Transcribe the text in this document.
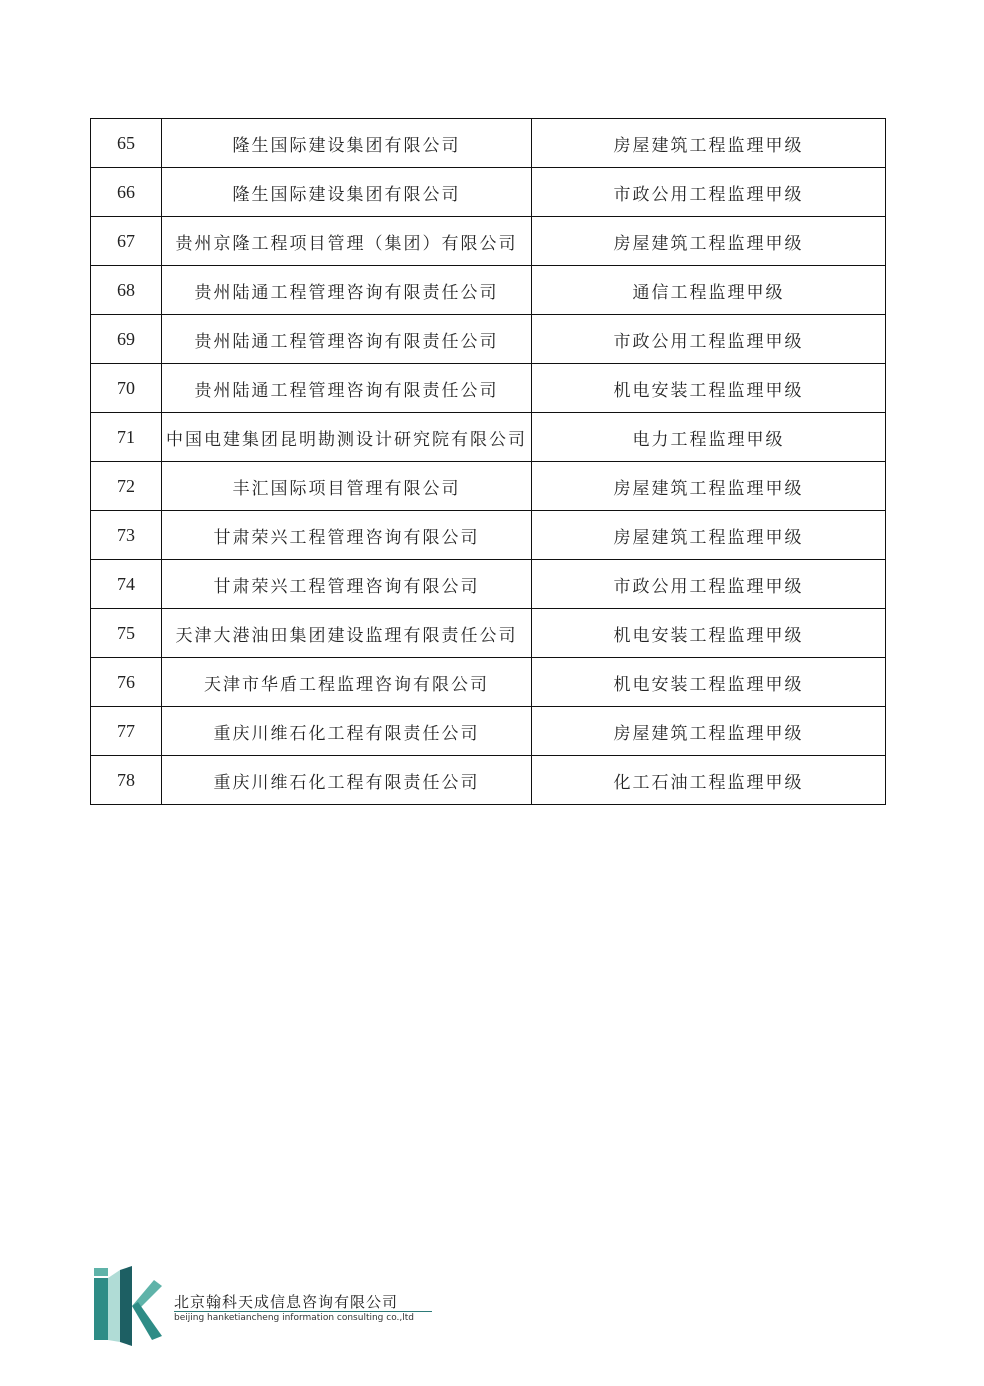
65	隆生国际建设集团有限公司	房屋建筑工程监理甲级
66	隆生国际建设集团有限公司	市政公用工程监理甲级
67	贵州京隆工程项目管理（集团）有限公司	房屋建筑工程监理甲级
68	贵州陆通工程管理咨询有限责任公司	通信工程监理甲级
69	贵州陆通工程管理咨询有限责任公司	市政公用工程监理甲级
70	贵州陆通工程管理咨询有限责任公司	机电安装工程监理甲级
71	中国电建集团昆明勘测设计研究院有限公司	电力工程监理甲级
72	丰汇国际项目管理有限公司	房屋建筑工程监理甲级
73	甘肃荣兴工程管理咨询有限公司	房屋建筑工程监理甲级
74	甘肃荣兴工程管理咨询有限公司	市政公用工程监理甲级
75	天津大港油田集团建设监理有限责任公司	机电安装工程监理甲级
76	天津市华盾工程监理咨询有限公司	机电安装工程监理甲级
77	重庆川维石化工程有限责任公司	房屋建筑工程监理甲级
78	重庆川维石化工程有限责任公司	化工石油工程监理甲级
北京翰科天成信息咨询有限公司
beijing hanketiancheng information consulting co.,ltd
